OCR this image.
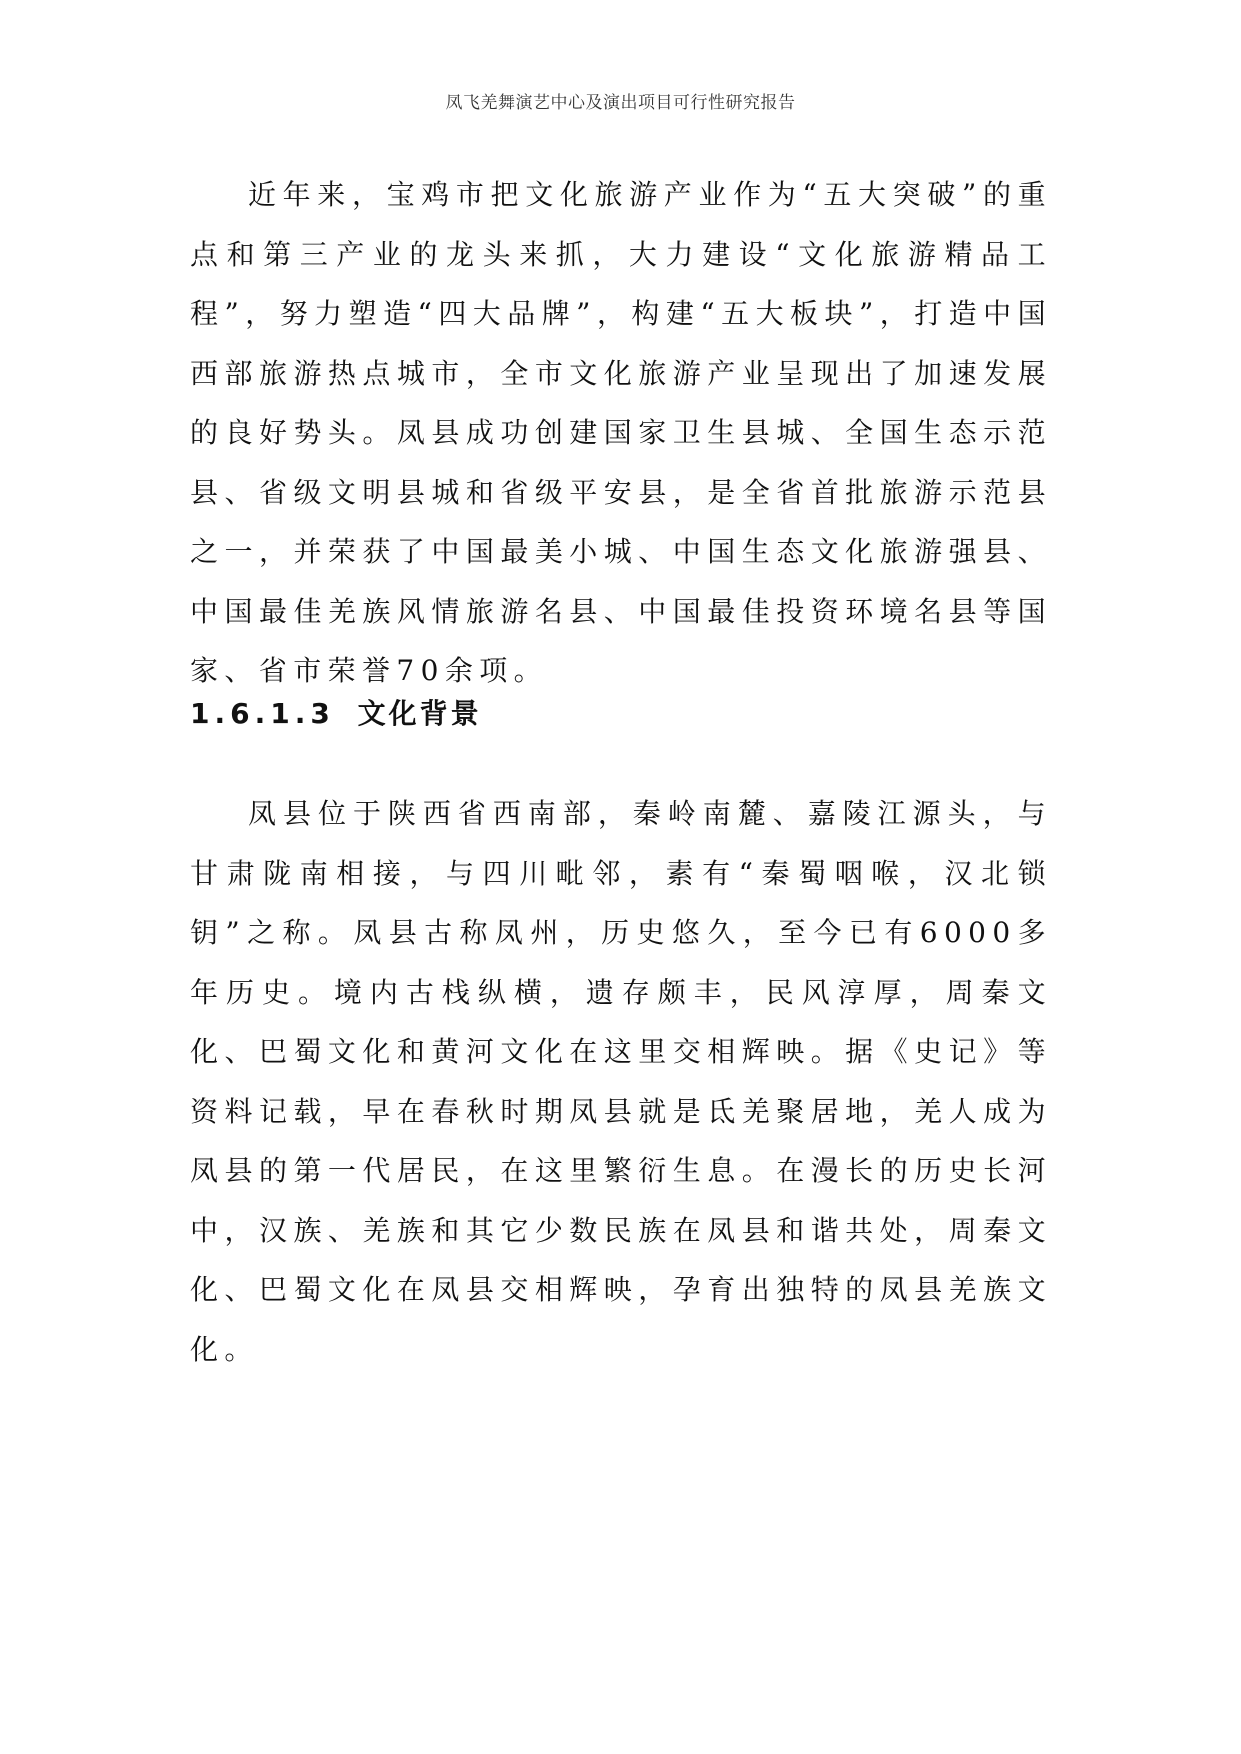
凤飞羌舞演艺中心及演出项目可行性研究报告

近年来，宝鸡市把文化旅游产业作为“五大突破”的重点和第三产业的龙头来抓，大力建设“文化旅游精品工程”，努力塑造“四大品牌”，构建“五大板块”，打造中国西部旅游热点城市，全市文化旅游产业呈现出了加速发展的良好势头。凤县成功创建国家卫生县城、全国生态示范县、省级文明县城和省级平安县，是全省首批旅游示范县之一，并荣获了中国最美小城、中国生态文化旅游强县、中国最佳羌族风情旅游名县、中国最佳投资环境名县等国家、省市荣誉70余项。

1.6.1.3 文化背景

凤县位于陕西省西南部，秦岭南麓、嘉陵江源头，与甘肃陇南相接，与四川毗邻，素有“秦蜀咽喉，汉北锁钥”之称。凤县古称凤州，历史悠久，至今已有6000多年历史。境内古栈纵横，遗存颇丰，民风淳厚，周秦文化、巴蜀文化和黄河文化在这里交相辉映。据《史记》等资料记载，早在春秋时期凤县就是氐羌聚居地，羌人成为凤县的第一代居民，在这里繁衍生息。在漫长的历史长河中，汉族、羌族和其它少数民族在凤县和谐共处，周秦文化、巴蜀文化在凤县交相辉映，孕育出独特的凤县羌族文化。
